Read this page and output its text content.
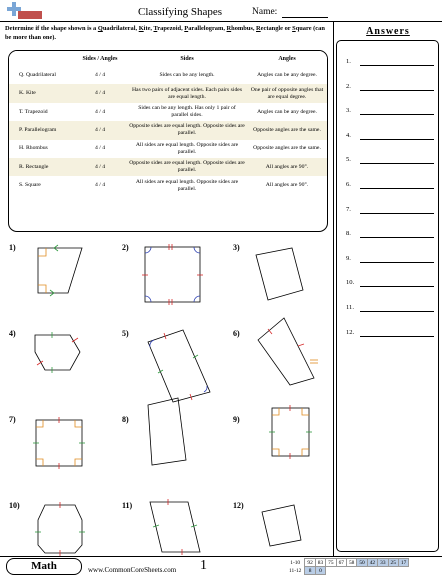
Classifying Shapes	Name:
Determine if the shape shown is a Quadrilateral, Kite, Trapezoid, Parallelogram, Rhombus, Rectangle or Square (can be more than one).
Answers
1.
2.
3.
4.
5.
6.
7.
8.
9.
10.
11.
12.
	Sides / Angles	Sides	Angles
Q. Quadrilateral	4 / 4	Sides can be any length.	Angles can be any degree.
K. Kite	4 / 4	Has two pairs of adjacent sides. Each pairs sides are equal length.	One pair of opposite angles that are equal degree.
T. Trapezoid	4 / 4	Sides can be any length. Has only 1 pair of parallel sides.	Angles can be any degree.
P. Parallelogram	4 / 4	Opposite sides are equal length. Opposite sides are parallel.	Opposite angles are the same.
H. Rhombus	4 / 4	All sides are equal length. Opposite sides are parallel.	Opposite angles are the same.
R. Rectangle	4 / 4	Opposite sides are equal length. Opposite sides are parallel.	All angles are 90°.
S. Square	4 / 4	All sides are equal length. Opposite sides are parallel.	All angles are 90°.
1)	2)	3)
4)	5)	6)
7)	8)	9)
10)	11)	12)
Math	www.CommonCoreSheets.com 1	1-10	92	83	75	67	58	50	42	33	25	17
11-12	8	0								
